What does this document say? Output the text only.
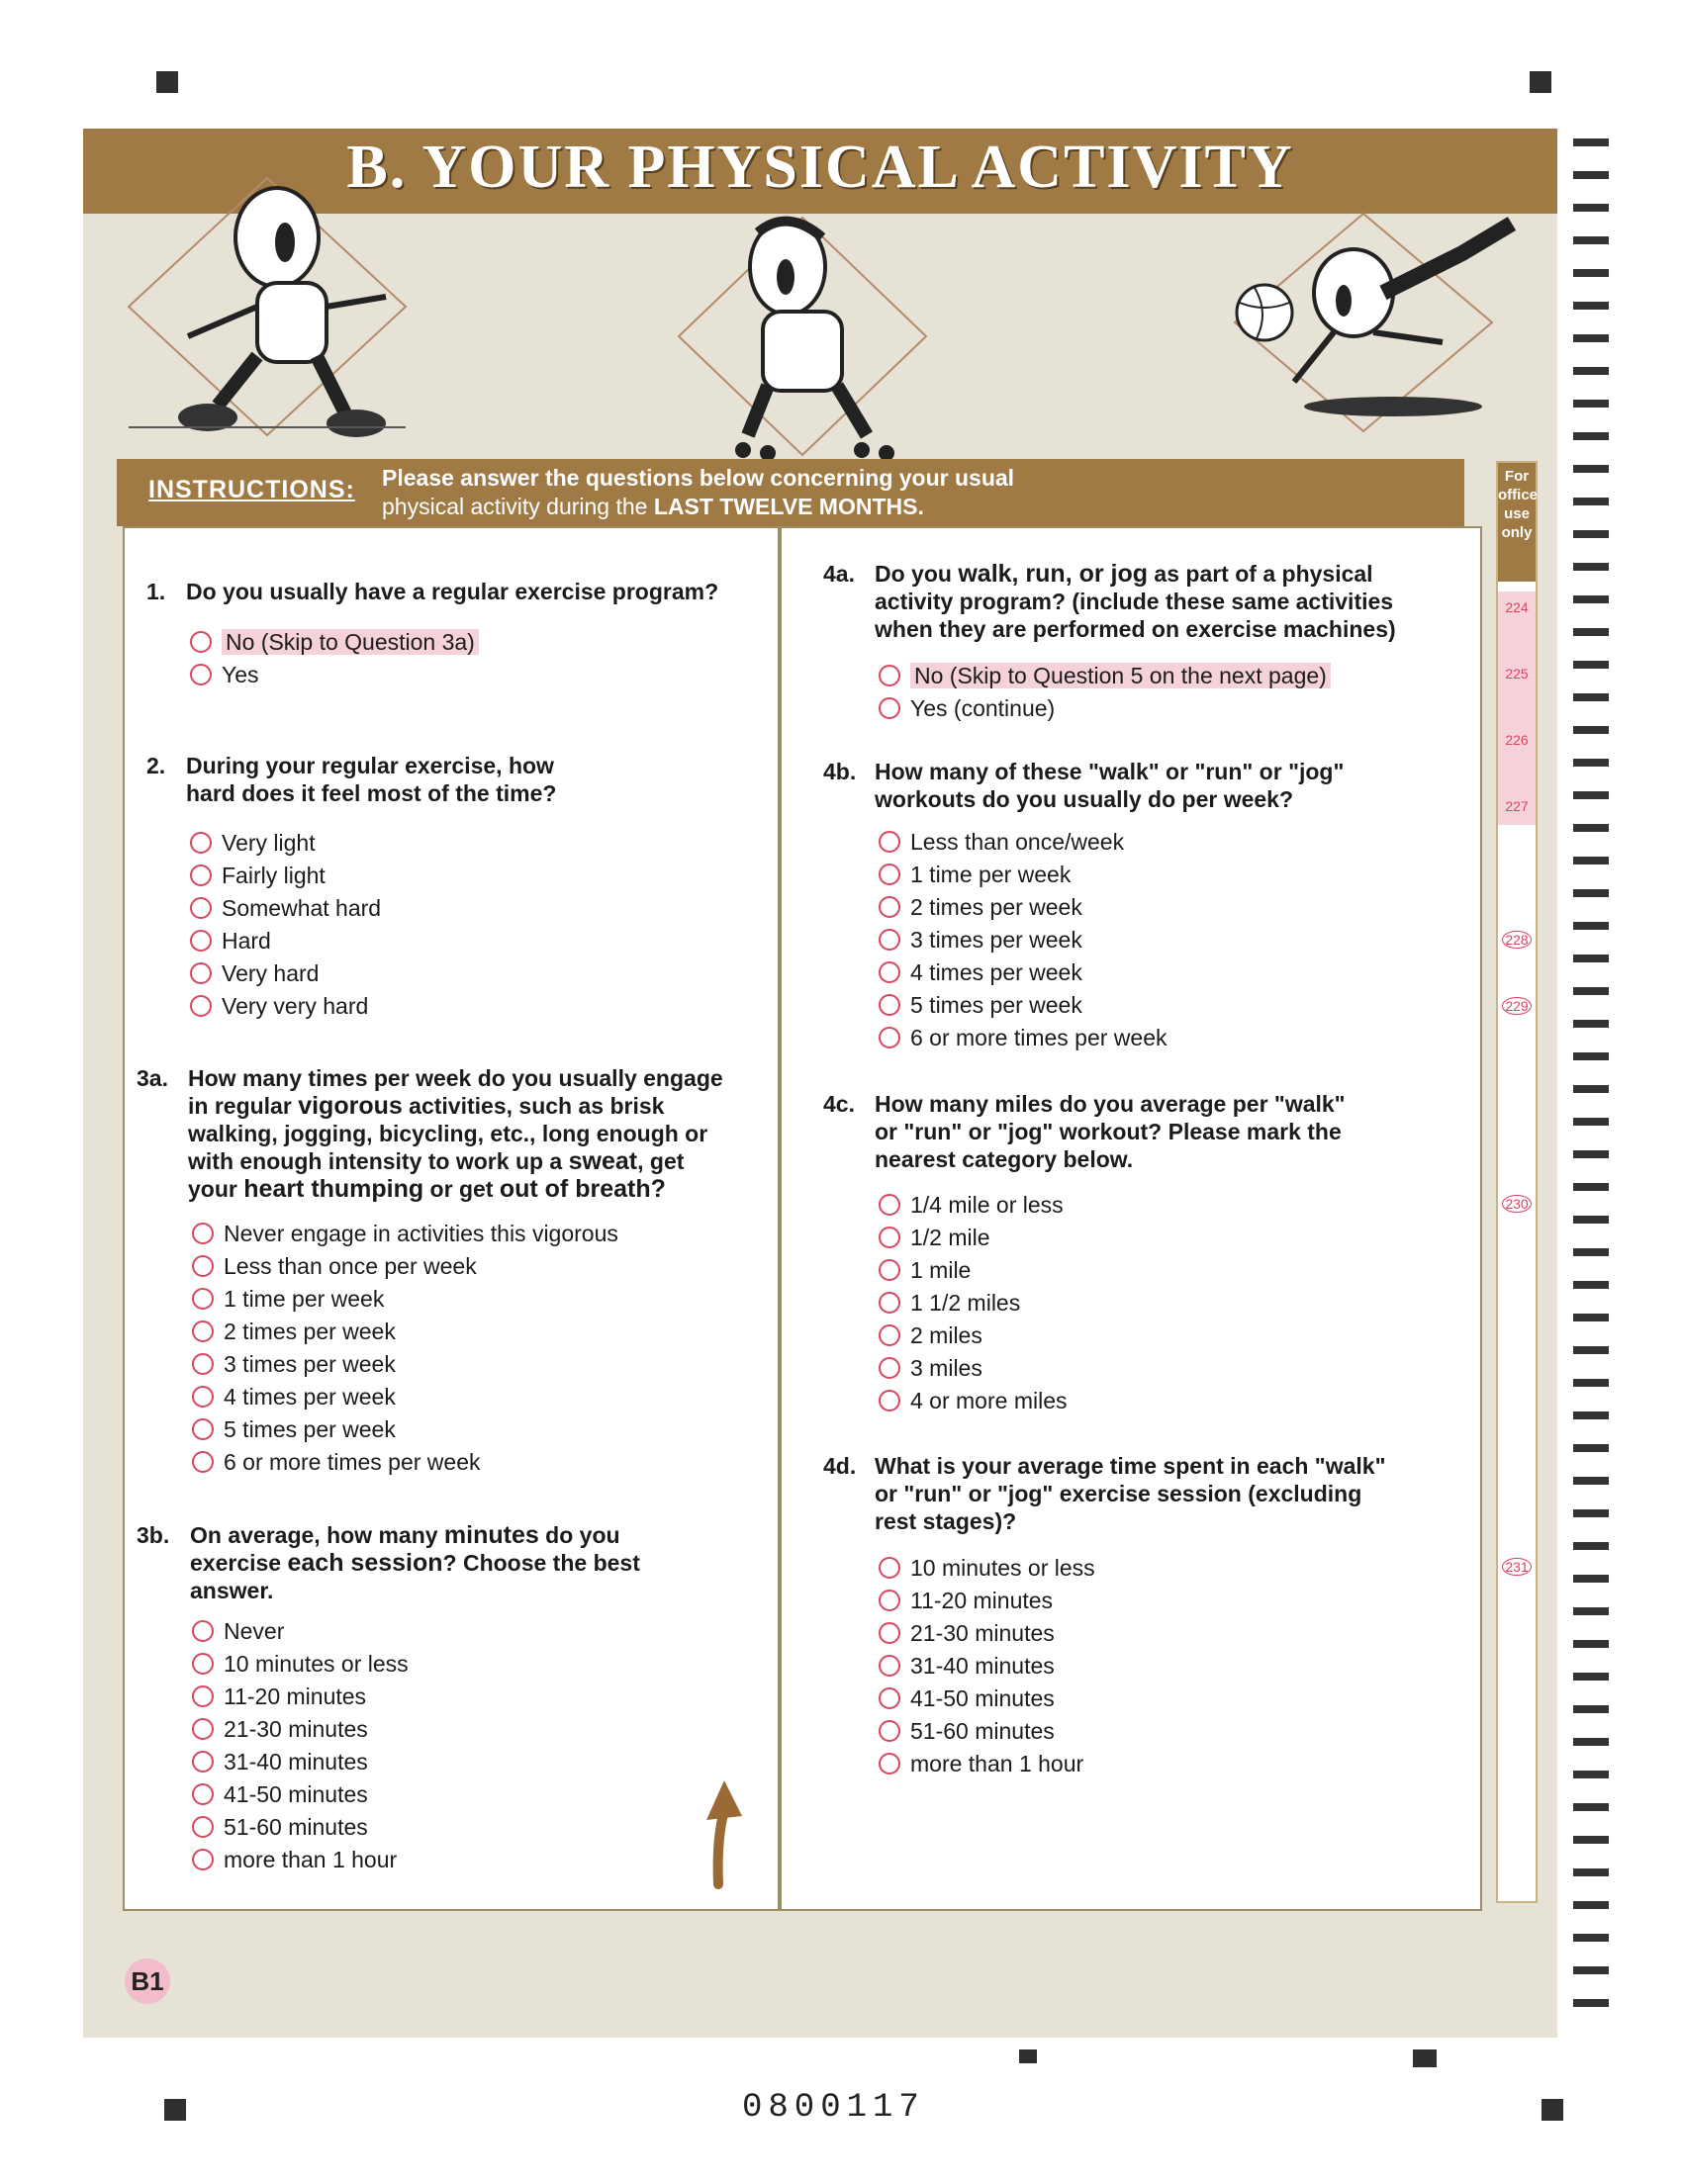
B. YOUR PHYSICAL ACTIVITY
INSTRUCTIONS: Please answer the questions below concerning your usual
physical activity during the LAST TWELVE MONTHS.
For
office
use
only
224
225
226
227
228
229
230
231
1. Do you usually have a regular exercise program?
No (Skip to Question 3a)
Yes
2. During your regular exercise, how
hard does it feel most of the time?
Very light
Fairly light
Somewhat hard
Hard
Very hard
Very very hard
3a. How many times per week do you usually engage
in regular vigorous activities, such as brisk
walking, jogging, bicycling, etc., long enough or
with enough intensity to work up a sweat, get
your heart thumping or get out of breath?
Never engage in activities this vigorous
Less than once per week
1 time per week
2 times per week
3 times per week
4 times per week
5 times per week
6 or more times per week
3b. On average, how many minutes do you
exercise each session? Choose the best
answer.
Never
10 minutes or less
11-20 minutes
21-30 minutes
31-40 minutes
41-50 minutes
51-60 minutes
more than 1 hour
4a. Do you walk, run, or jog as part of a physical
activity program? (include these same activities
when they are performed on exercise machines)
No (Skip to Question 5 on the next page)
Yes (continue)
4b. How many of these "walk" or "run" or "jog"
workouts do you usually do per week?
Less than once/week
1 time per week
2 times per week
3 times per week
4 times per week
5 times per week
6 or more times per week
4c. How many miles do you average per "walk"
or "run" or "jog" workout? Please mark the
nearest category below.
1/4 mile or less
1/2 mile
1 mile
1 1/2 miles
2 miles
3 miles
4 or more miles
4d. What is your average time spent in each "walk"
or "run" or "jog" exercise session (excluding
rest stages)?
10 minutes or less
11-20 minutes
21-30 minutes
31-40 minutes
41-50 minutes
51-60 minutes
more than 1 hour
B1
0800117
